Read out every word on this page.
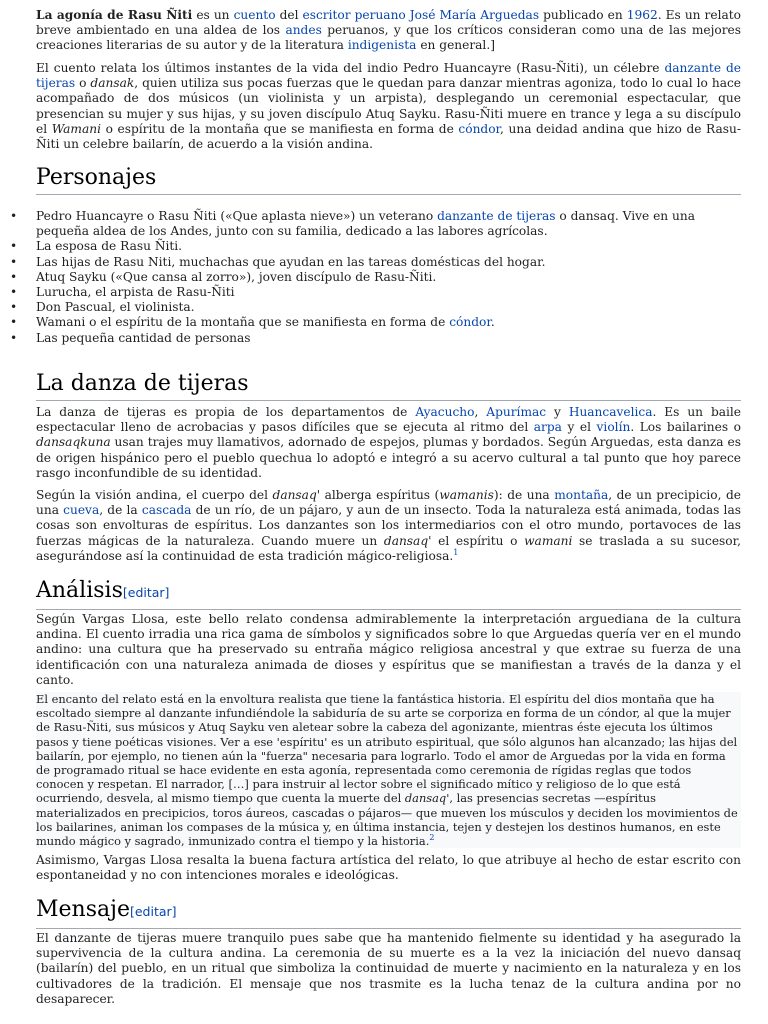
La agonía de Rasu Ñiti es un cuento del escritor peruano José María Arguedas publicado en 1962. Es un relato breve ambientado en una aldea de los andes peruanos, y que los críticos consideran como una de las mejores creaciones literarias de su autor y de la literatura indigenista en general.]

El cuento relata los últimos instantes de la vida del indio Pedro Huancayre (Rasu-Ñiti), un célebre danzante de tijeras o dansak, quien utiliza sus pocas fuerzas que le quedan para danzar mientras agoniza, todo lo cual lo hace acompañado de dos músicos (un violinista y un arpista), desplegando un ceremonial espectacular, que presencian su mujer y sus hijas, y su joven discípulo Atuq Sayku. Rasu-Ñiti muere en trance y lega a su discípulo el Wamani o espíritu de la montaña que se manifiesta en forma de cóndor, una deidad andina que hizo de Rasu-Ñiti un celebre bailarín, de acuerdo a la visión andina.

Personajes
• Pedro Huancayre o Rasu Ñiti («Que aplasta nieve») un veterano danzante de tijeras o dansaq. Vive en una pequeña aldea de los Andes, junto con su familia, dedicado a las labores agrícolas.
• La esposa de Rasu Ñiti.
• Las hijas de Rasu Niti, muchachas que ayudan en las tareas domésticas del hogar.
• Atuq Sayku («Que cansa al zorro»), joven discípulo de Rasu-Ñiti.
• Lurucha, el arpista de Rasu-Ñiti
• Don Pascual, el violinista.
• Wamani o el espíritu de la montaña que se manifiesta en forma de cóndor.
• Las pequeña cantidad de personas
La danza de tijeras

La danza de tijeras es propia de los departamentos de Ayacucho, Apurímac y Huancavelica. Es un baile espectacular lleno de acrobacias y pasos difíciles que se ejecuta al ritmo del arpa y el violín. Los bailarines o dansaqkuna usan trajes muy llamativos, adornado de espejos, plumas y bordados. Según Arguedas, esta danza es de origen hispánico pero el pueblo quechua lo adoptó e integró a su acervo cultural a tal punto que hoy parece rasgo inconfundible de su identidad.

Según la visión andina, el cuerpo del dansaq' alberga espíritus (wamanis): de una montaña, de un precipicio, de una cueva, de la cascada de un río, de un pájaro, y aun de un insecto. Toda la naturaleza está animada, todas las cosas son envolturas de espíritus. Los danzantes son los intermediarios con el otro mundo, portavoces de las fuerzas mágicas de la naturaleza. Cuando muere un dansaq' el espíritu o wamani se traslada a su sucesor, asegurándose así la continuidad de esta tradición mágico-religiosa.$^1$

Análisis[editar]

Según Vargas Llosa, este bello relato condensa admirablemente la interpretación arguediana de la cultura andina. El cuento irradia una rica gama de símbolos y significados sobre lo que Arguedas quería ver en el mundo andino: una cultura que ha preservado su entraña mágico religiosa ancestral y que extrae su fuerza de una identificación con una naturaleza animada de dioses y espíritus que se manifiestan a través de la danza y el canto.

El encanto del relato está en la envoltura realista que tiene la fantástica historia. El espíritu del dios montaña que ha escoltado siempre al danzante infundiéndole la sabiduría de su arte se corporiza en forma de un cóndor, al que la mujer de Rasu-Ñiti, sus músicos y Atuq Sayku ven aletear sobre la cabeza del agonizante, mientras éste ejecuta los últimos pasos y tiene poéticas visiones. Ver a ese 'espíritu' es un atributo espiritual, que sólo algunos han alcanzado; las hijas del bailarín, por ejemplo, no tienen aún la "fuerza" necesaria para lograrlo. Todo el amor de Arguedas por la vida en forma de programado ritual se hace evidente en esta agonía, representada como ceremonia de rígidas reglas que todos conocen y respetan. El narrador, […] para instruir al lector sobre el significado mítico y religioso de lo que está ocurriendo, desvela, al mismo tiempo que cuenta la muerte del dansaq', las presencias secretas —espíritus materializados en precipicios, toros áureos, cascadas o pájaros— que mueven los músculos y deciden los movimientos de los bailarines, animan los compases de la música y, en última instancia, tejen y destejen los destinos humanos, en este mundo mágico y sagrado, inmunizado contra el tiempo y la historia.$^2$

Asimismo, Vargas Llosa resalta la buena factura artística del relato, lo que atribuye al hecho de estar escrito con espontaneidad y no con intenciones morales e ideológicas.

Mensaje[editar]

El danzante de tijeras muere tranquilo pues sabe que ha mantenido fielmente su identidad y ha asegurado la supervivencia de la cultura andina. La ceremonia de su muerte es a la vez la iniciación del nuevo dansaq (bailarín) del pueblo, en un ritual que simboliza la continuidad de muerte y nacimiento en la naturaleza y en los cultivadores de la tradición. El mensaje que nos trasmite es la lucha tenaz de la cultura andina por no desaparecer.
